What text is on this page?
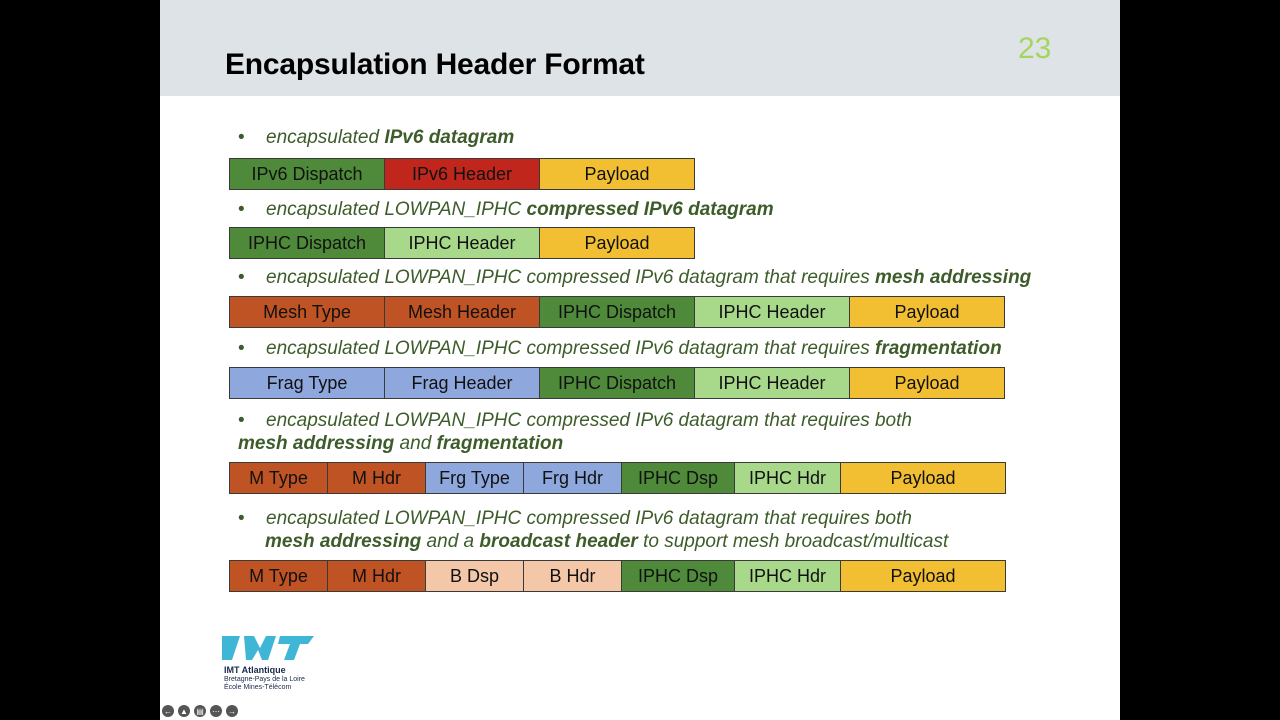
Encapsulation Header Format	23
• encapsulated IPv6 datagram
IPv6 Dispatch	IPv6 Header	Payload
• encapsulated LOWPAN_IPHC compressed IPv6 datagram
IPHC Dispatch	IPHC Header	Payload
• encapsulated LOWPAN_IPHC compressed IPv6 datagram that requires mesh addressing
Mesh Type	Mesh Header	IPHC Dispatch	IPHC Header	Payload
• encapsulated LOWPAN_IPHC compressed IPv6 datagram that requires fragmentation
Frag Type	Frag Header	IPHC Dispatch	IPHC Header	Payload
• encapsulated LOWPAN_IPHC compressed IPv6 datagram that requires both
mesh addressing and fragmentation
M Type	M Hdr	Frg Type	Frg Hdr	IPHC Dsp	IPHC Hdr	Payload
• encapsulated LOWPAN_IPHC compressed IPv6 datagram that requires both
mesh addressing and a broadcast header to support mesh broadcast/multicast
M Type	M Hdr	B Dsp	B Hdr	IPHC Dsp	IPHC Hdr	Payload
IMT Atlantique
Bretagne-Pays de la Loire
École Mines-Télécom
← ▲ ▤ ⋯ →
